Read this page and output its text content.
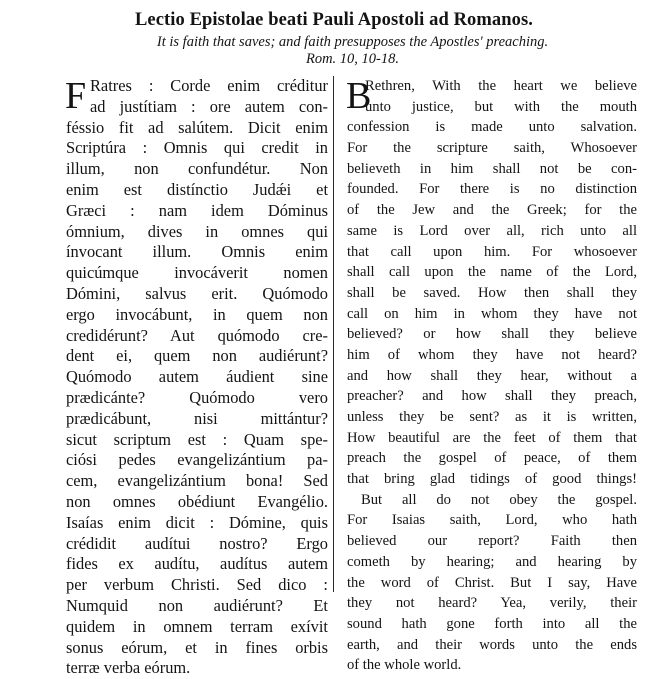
Lectio Epistolae beati Pauli Apostoli ad Romanos.
It is faith that saves; and faith presupposes the Apostles' preaching.
Rom. 10, 10-18.
F Ratres : Corde enim créditur
ad justítiam : ore autem con-
féssio fit ad salútem. Dicit enim
Scriptúra : Omnis qui credit in
illum, non confundétur. Non
enim est distínctio Judǽi et
Græci : nam idem Dóminus
ómnium, dives in omnes qui
ínvocant illum. Omnis enim
quicúmque invocáverit nomen
Dómini, salvus erit. Quómodo
ergo invocábunt, in quem non
credidérunt? Aut quómodo cre-
dent ei, quem non audiérunt?
Quómodo autem áudient sine
prædicánte? Quómodo vero
prædicábunt, nisi mittántur?
sicut scriptum est : Quam spe-
ciósi pedes evangelizántium pa-
cem, evangelizántium bona! Sed
non omnes obédiunt Evangélio.
Isaías enim dicit : Dómine, quis
crédidit audítui nostro? Ergo
fides ex audítu, audítus autem
per verbum Christi. Sed dico :
Numquid non audiérunt? Et
quidem in omnem terram exívit
sonus eórum, et in fines orbis
terræ verba eórum.
B
Rethren, With the heart we believe
unto justice, but with the mouth
confession is made unto salvation.
For the scripture saith, Whosoever
believeth in him shall not be con-
founded. For there is no distinction
of the Jew and the Greek; for the
same is Lord over all, rich unto all
that call upon him. For whosoever
shall call upon the name of the Lord,
shall be saved. How then shall they
call on him in whom they have not
believed? or how shall they believe
him of whom they have not heard?
and how shall they hear, without a
preacher? and how shall they preach,
unless they be sent? as it is written,
How beautiful are the feet of them that
preach the gospel of peace, of them
that bring glad tidings of good things!
But all do not obey the gospel.
For Isaias saith, Lord, who hath
believed our report? Faith then
cometh by hearing; and hearing by
the word of Christ. But I say, Have
they not heard? Yea, verily, their
sound hath gone forth into all the
earth, and their words unto the ends
of the whole world.
